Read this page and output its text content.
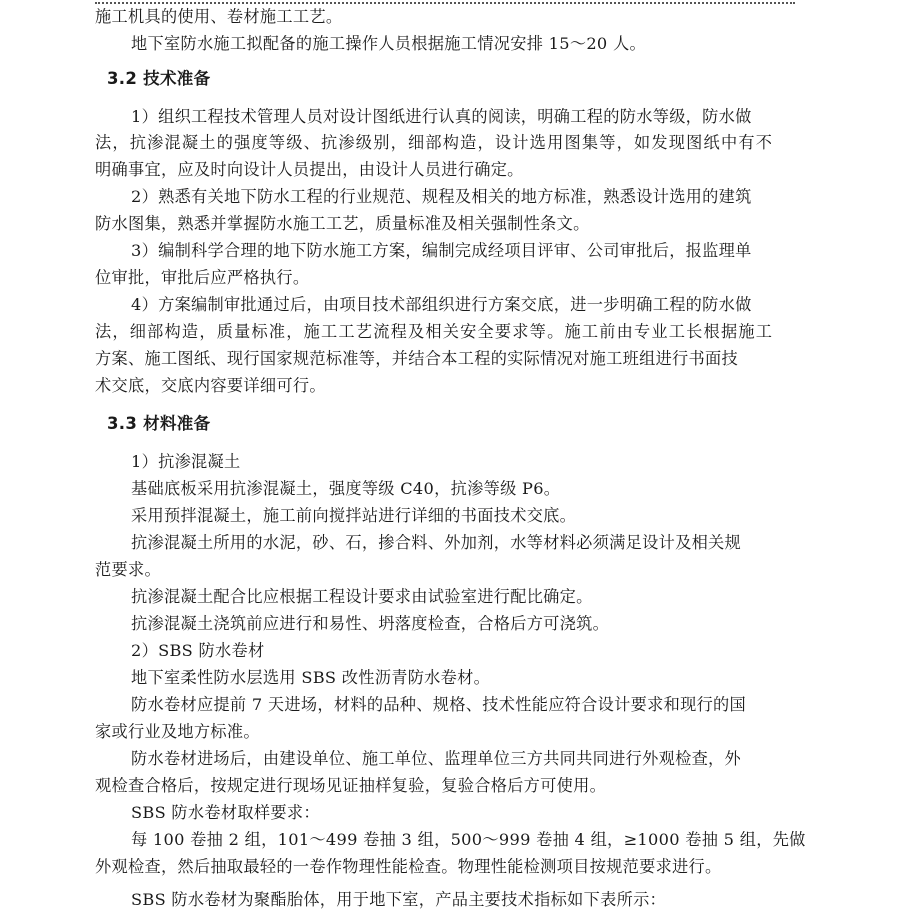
施工机具的使用、卷材施工工艺。
地下室防水施工拟配备的施工操作人员根据施工情况安排 15～20 人。
3.2 技术准备
1）组织工程技术管理人员对设计图纸进行认真的阅读，明确工程的防水等级，防水做
法，抗渗混凝土的强度等级、抗渗级别，细部构造，设计选用图集等，如发现图纸中有不
明确事宜，应及时向设计人员提出，由设计人员进行确定。
2）熟悉有关地下防水工程的行业规范、规程及相关的地方标准，熟悉设计选用的建筑
防水图集，熟悉并掌握防水施工工艺，质量标准及相关强制性条文。
3）编制科学合理的地下防水施工方案，编制完成经项目评审、公司审批后，报监理单
位审批，审批后应严格执行。
4）方案编制审批通过后，由项目技术部组织进行方案交底，进一步明确工程的防水做
法，细部构造，质量标准，施工工艺流程及相关安全要求等。施工前由专业工长根据施工
方案、施工图纸、现行国家规范标准等，并结合本工程的实际情况对施工班组进行书面技
术交底，交底内容要详细可行。
3.3 材料准备
1）抗渗混凝土
基础底板采用抗渗混凝土，强度等级 C40，抗渗等级 P6。
采用预拌混凝土，施工前向搅拌站进行详细的书面技术交底。
抗渗混凝土所用的水泥，砂、石，掺合料、外加剂，水等材料必须满足设计及相关规
范要求。
抗渗混凝土配合比应根据工程设计要求由试验室进行配比确定。
抗渗混凝土浇筑前应进行和易性、坍落度检查，合格后方可浇筑。
2）SBS 防水卷材
地下室柔性防水层选用 SBS 改性沥青防水卷材。
防水卷材应提前 7 天进场，材料的品种、规格、技术性能应符合设计要求和现行的国
家或行业及地方标准。
防水卷材进场后，由建设单位、施工单位、监理单位三方共同共同进行外观检查，外
观检查合格后，按规定进行现场见证抽样复验，复验合格后方可使用。
SBS 防水卷材取样要求：
每 100 卷抽 2 组，101～499 卷抽 3 组，500～999 卷抽 4 组，≥1000 卷抽 5 组，先做
外观检查，然后抽取最轻的一卷作物理性能检查。物理性能检测项目按规范要求进行。
SBS 防水卷材为聚酯胎体，用于地下室，产品主要技术指标如下表所示：
